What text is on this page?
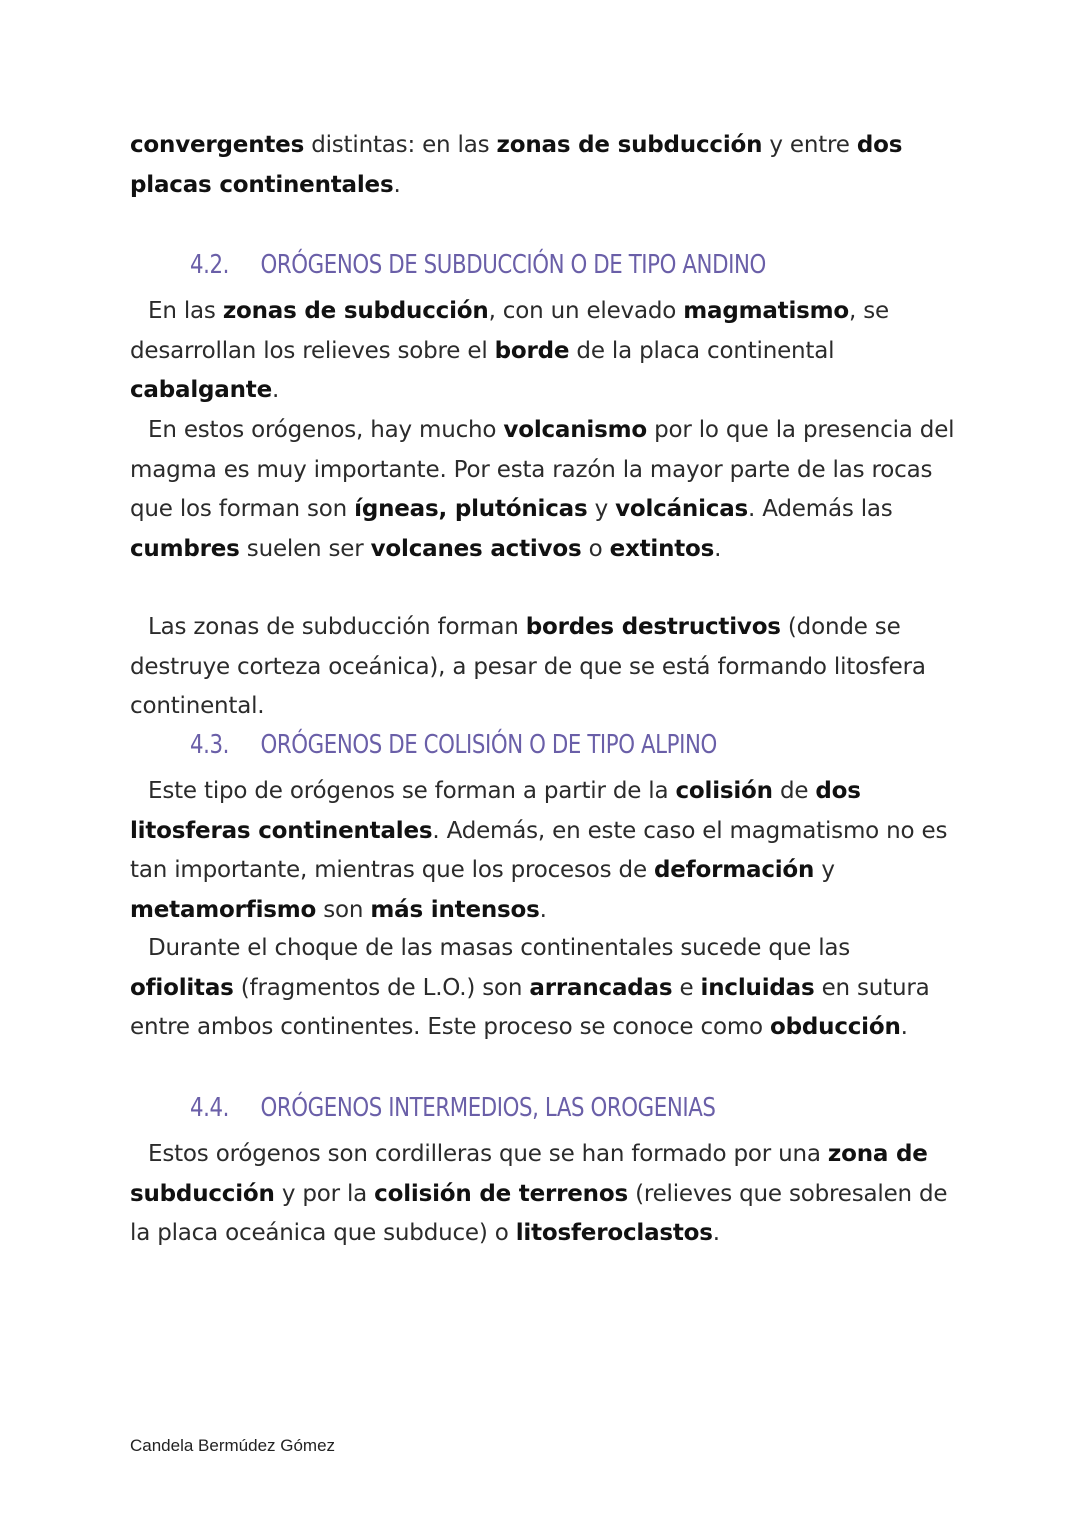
convergentes distintas: en las zonas de subducción y entre dos placas continentales.

4.2. ORÓGENOS DE SUBDUCCIÓN O DE TIPO ANDINO

En las zonas de subducción, con un elevado magmatismo, se desarrollan los relieves sobre el borde de la placa continental cabalgante.

En estos orógenos, hay mucho volcanismo por lo que la presencia del magma es muy importante. Por esta razón la mayor parte de las rocas que los forman son ígneas, plutónicas y volcánicas. Además las cumbres suelen ser volcanes activos o extintos.

Las zonas de subducción forman bordes destructivos (donde se destruye corteza oceánica), a pesar de que se está formando litosfera continental.

4.3. ORÓGENOS DE COLISIÓN O DE TIPO ALPINO

Este tipo de orógenos se forman a partir de la colisión de dos litosferas continentales. Además, en este caso el magmatismo no es tan importante, mientras que los procesos de deformación y metamorfismo son más intensos.

Durante el choque de las masas continentales sucede que las ofiolitas (fragmentos de L.O.) son arrancadas e incluidas en sutura entre ambos continentes. Este proceso se conoce como obducción.

4.4. ORÓGENOS INTERMEDIOS, LAS OROGENIAS

Estos orógenos son cordilleras que se han formado por una zona de subducción y por la colisión de terrenos (relieves que sobresalen de la placa oceánica que subduce) o litosferoclastos.

Candela Bermúdez Gómez
